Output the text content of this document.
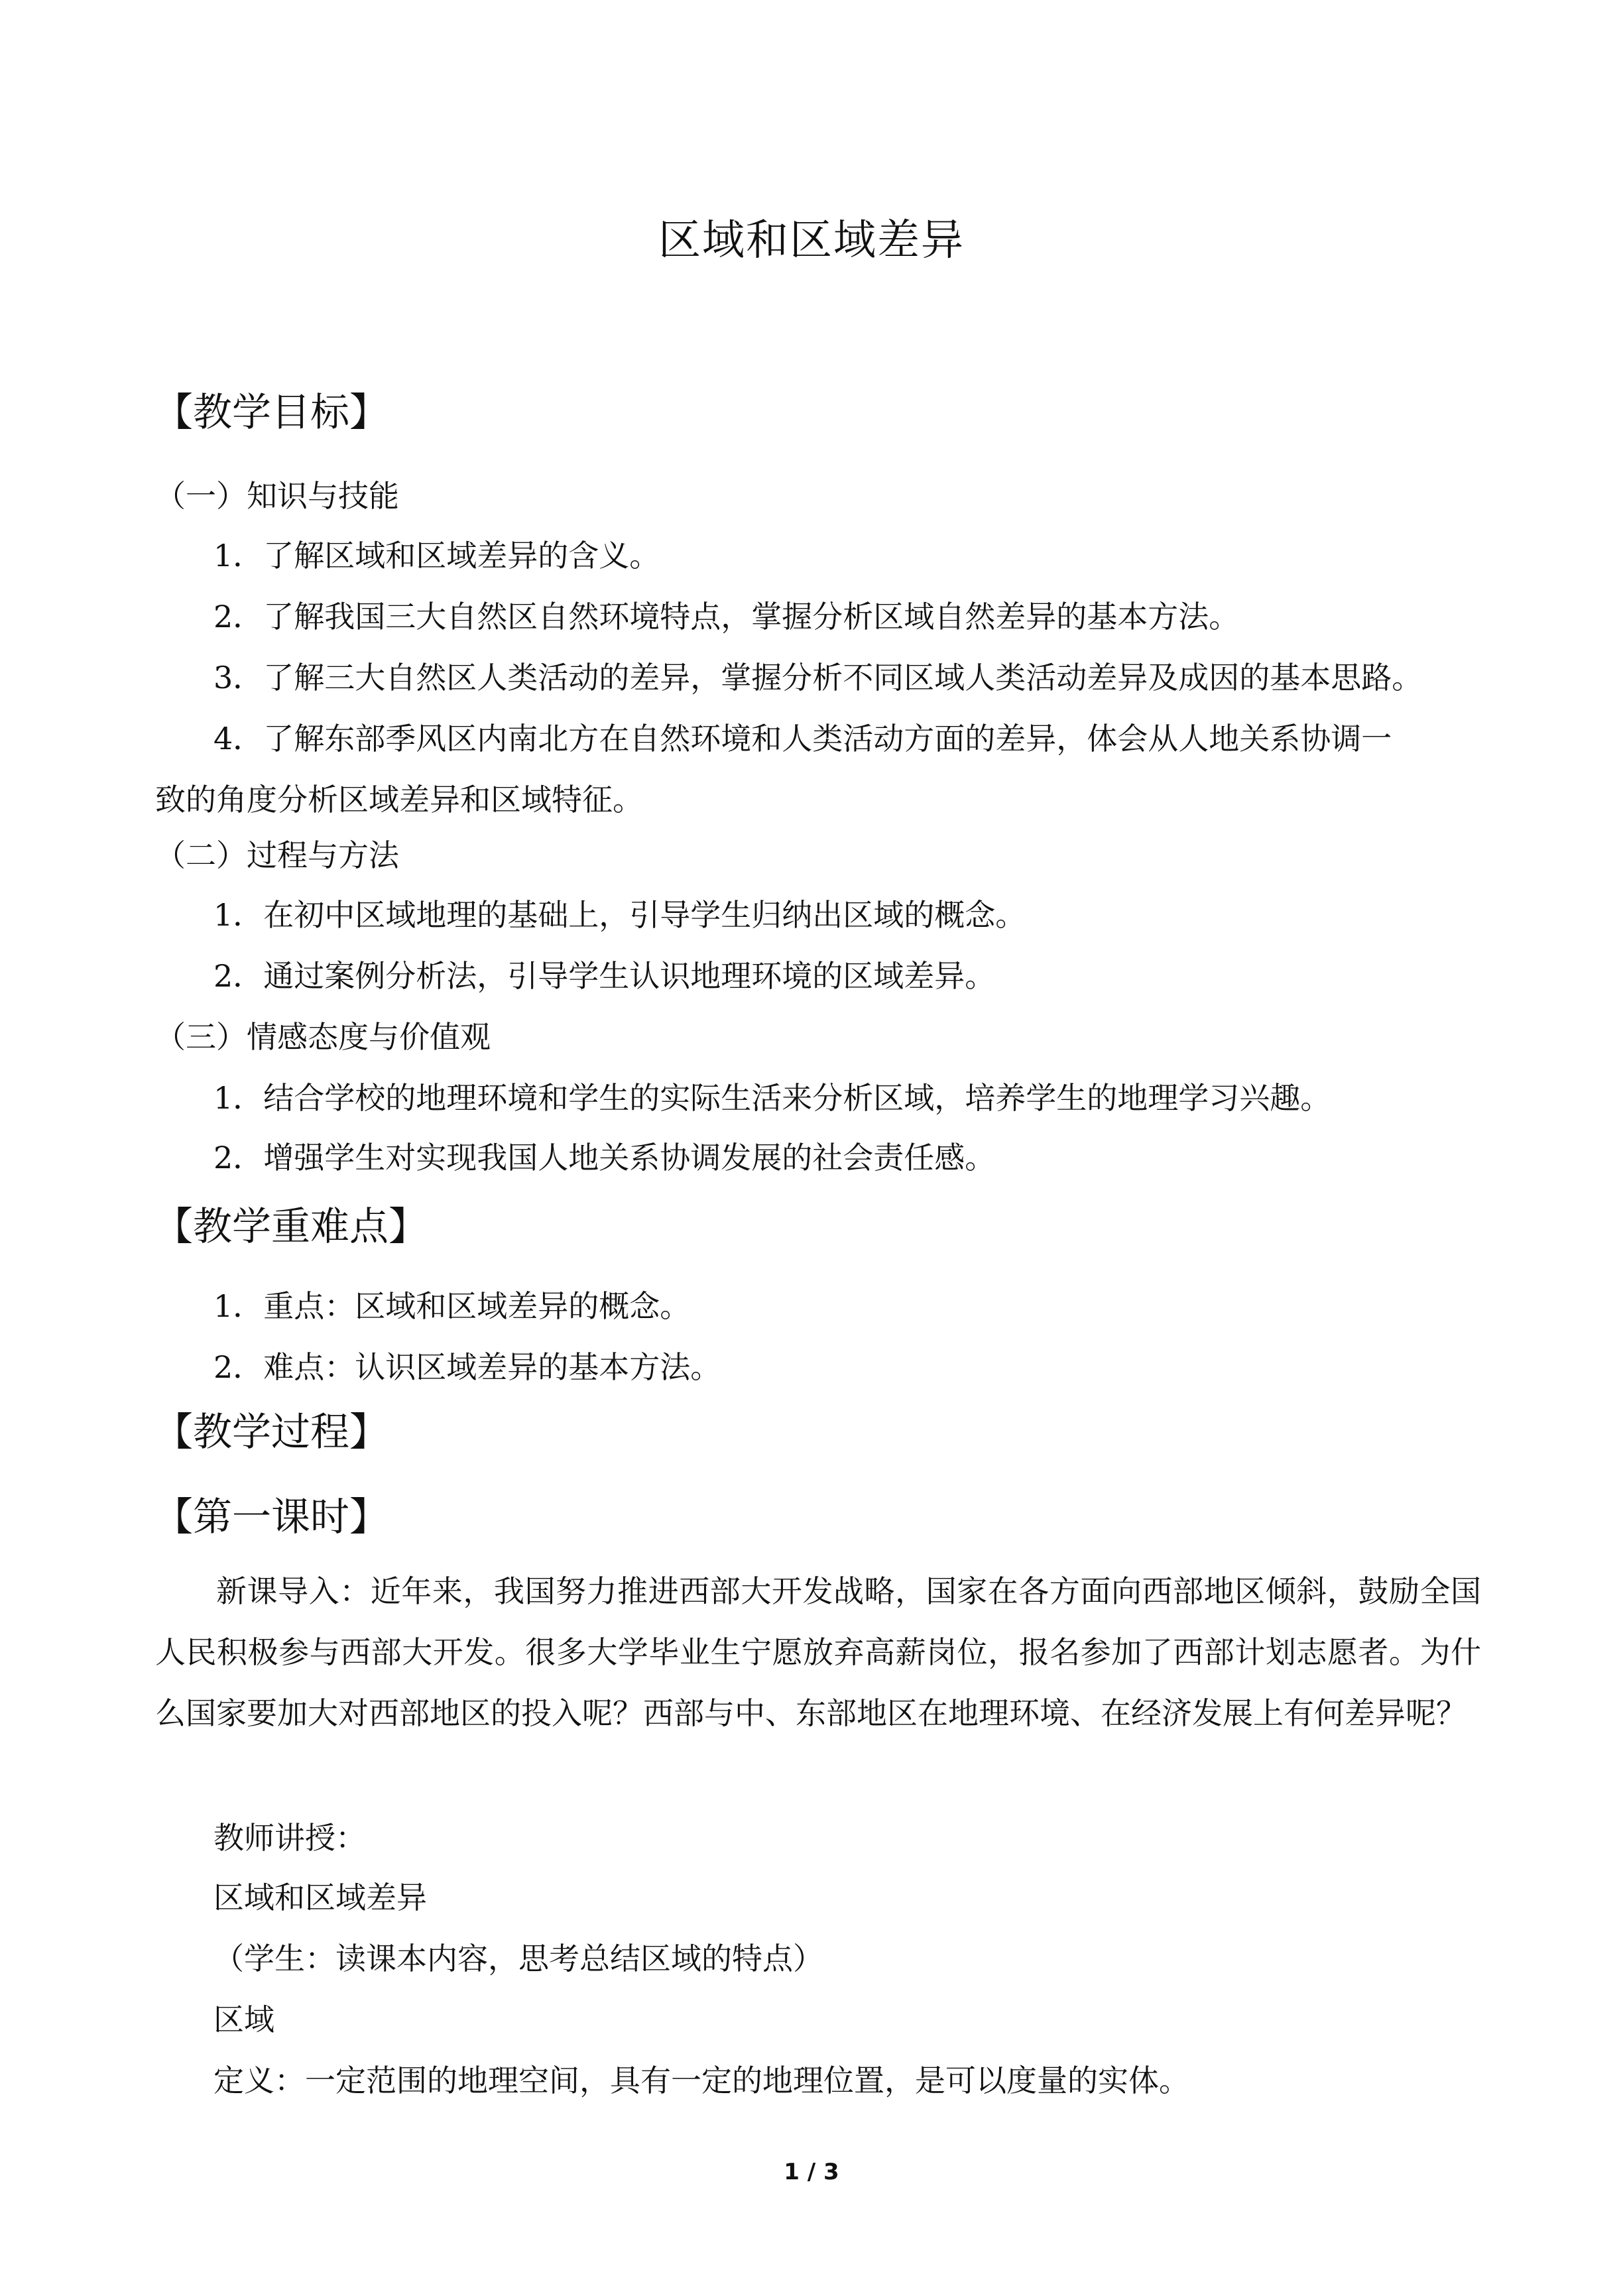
区域和区域差异
【教学目标】
（一）知识与技能
1．了解区域和区域差异的含义。
2．了解我国三大自然区自然环境特点，掌握分析区域自然差异的基本方法。
3．了解三大自然区人类活动的差异，掌握分析不同区域人类活动差异及成因的基本思路。
4．了解东部季风区内南北方在自然环境和人类活动方面的差异，体会从人地关系协调一
致的角度分析区域差异和区域特征。
（二）过程与方法
1．在初中区域地理的基础上，引导学生归纳出区域的概念。
2．通过案例分析法，引导学生认识地理环境的区域差异。
（三）情感态度与价值观
1．结合学校的地理环境和学生的实际生活来分析区域，培养学生的地理学习兴趣。
2．增强学生对实现我国人地关系协调发展的社会责任感。
【教学重难点】
1．重点：区域和区域差异的概念。
2．难点：认识区域差异的基本方法。
【教学过程】
【第一课时】
新课导入：近年来，我国努力推进西部大开发战略，国家在各方面向西部地区倾斜，鼓励全国人民积极参与西部大开发。很多大学毕业生宁愿放弃高薪岗位，报名参加了西部计划志愿者。为什么国家要加大对西部地区的投入呢？西部与中、东部地区在地理环境、在经济发展上有何差异呢？
教师讲授：
区域和区域差异
（学生：读课本内容，思考总结区域的特点）
区域
定义：一定范围的地理空间，具有一定的地理位置，是可以度量的实体。
1 / 3
